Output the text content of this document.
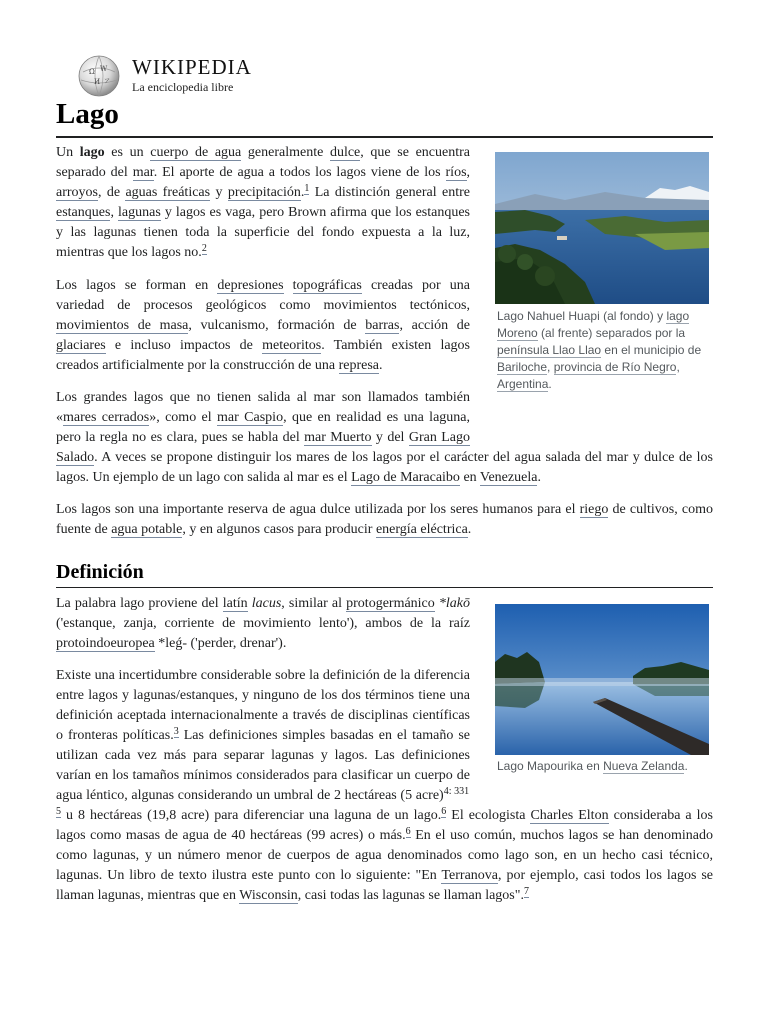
Ω W
И ア
WIKIPEDIA
La enciclopedia libre
Lago
Lago Nahuel Huapi (al fondo) y lago Moreno (al frente) separados por la península Llao Llao en el municipio de Bariloche, provincia de Río Negro, Argentina.

Un lago es un cuerpo de agua generalmente dulce, que se encuentra separado del mar. El aporte de agua a todos los lagos viene de los ríos, arroyos, de aguas freáticas y precipitación.$^1$ La distinción general entre estanques, lagunas y lagos es vaga, pero Brown afirma que los estanques y las lagunas tienen toda la superficie del fondo expuesta a la luz, mientras que los lagos no.$^2$

Los lagos se forman en depresiones topográficas creadas por una variedad de procesos geológicos como movimientos tectónicos, movimientos de masa, vulcanismo, formación de barras, acción de glaciares e incluso impactos de meteoritos. También existen lagos creados artificialmente por la construcción de una represa.

Los grandes lagos que no tienen salida al mar son llamados también «mares cerrados», como el mar Caspio, que en realidad es una laguna, pero la regla no es clara, pues se habla del mar Muerto y del Gran Lago Salado. A veces se propone distinguir los mares de los lagos por el carácter del agua salada del mar y dulce de los lagos. Un ejemplo de un lago con salida al mar es el Lago de Maracaibo en Venezuela.

Los lagos son una importante reserva de agua dulce utilizada por los seres humanos para el riego de cultivos, como fuente de agua potable, y en algunos casos para producir energía eléctrica.

Definición
Lago Mapourika en Nueva Zelanda.

La palabra lago proviene del latín lacus, similar al protogermánico *lakō ('estanque, zanja, corriente de movimiento lento'), ambos de la raíz protoindoeuropea *leǵ- ('perder, drenar').

Existe una incertidumbre considerable sobre la definición de la diferencia entre lagos y lagunas/estanques, y ninguno de los dos términos tiene una definición aceptada internacionalmente a través de disciplinas científicas o fronteras políticas.$^3$ Las definiciones simples basadas en el tamaño se utilizan cada vez más para separar lagunas y lagos. Las definiciones varían en los tamaños mínimos considerados para clasificar un cuerpo de agua léntico, algunas considerando un umbral de 2 hectáreas (5 acre)$^{4: 331 5}$ u 8 hectáreas (19,8 acre) para diferenciar una laguna de un lago.$^6$ El ecologista Charles Elton consideraba a los lagos como masas de agua de 40 hectáreas (99 acres) o más.$^6$ En el uso común, muchos lagos se han denominado como lagunas, y un número menor de cuerpos de agua denominados como lago son, en un hecho casi técnico, lagunas. Un libro de texto ilustra este punto con lo siguiente: "En Terranova, por ejemplo, casi todos los lagos se llaman lagunas, mientras que en Wisconsin, casi todas las lagunas se llaman lagos".$^7$
